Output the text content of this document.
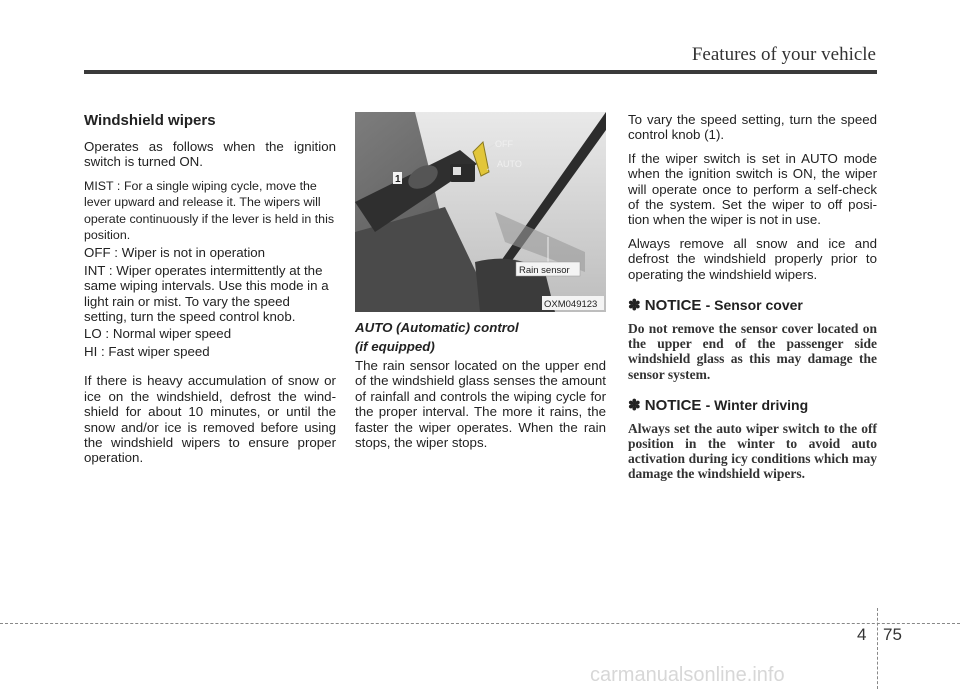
Features of your vehicle
Windshield wipers

Operates as follows when the ignition switch is turned ON.

MIST : For a single wiping cycle, move the lever upward and release it. The wipers will operate continuously if the lever is held in this position.
OFF : Wiper is not in operation
INT : Wiper operates intermittently at the same wiping intervals. Use this mode in a light rain or mist. To vary the speed setting, turn the speed control knob.
LO : Normal wiper speed
HI : Fast wiper speed

If there is heavy accumulation of snow or ice on the windshield, defrost the wind-shield for about 10 minutes, or until the snow and/or ice is removed before using the windshield wipers to ensure proper operation.

1
OFF
AUTO
Rain sensor
OXM049123
AUTO (Automatic) control
(if equipped)

The rain sensor located on the upper end of the windshield glass senses the amount of rainfall and controls the wiping cycle for the proper interval. The more it rains, the faster the wiper operates. When the rain stops, the wiper stops.

To vary the speed setting, turn the speed control knob (1).

If the wiper switch is set in AUTO mode when the ignition switch is ON, the wiper will operate once to perform a self-check of the system. Set the wiper to off posi-tion when the wiper is not in use.

Always remove all snow and ice and defrost the windshield properly prior to operating the windshield wipers.

✽ NOTICE - Sensor cover

Do not remove the sensor cover located on the upper end of the passenger side windshield glass as this may damage the sensor system.

✽ NOTICE - Winter driving

Always set the auto wiper switch to the off position in the winter to avoid auto activation during icy conditions which may damage the windshield wipers.

4 75
carmanualsonline.info
